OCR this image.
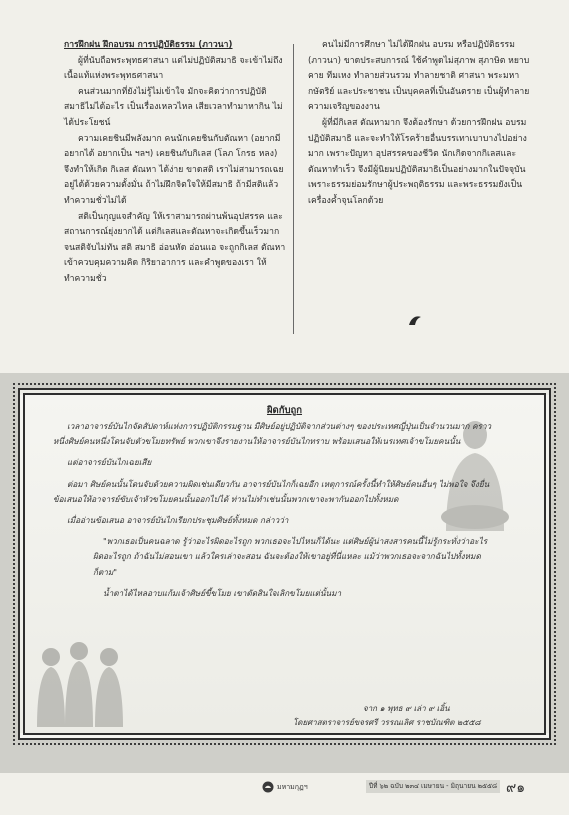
การฝึกฝน ฝึกอบรม การปฏิบัติธรรม (ภาวนา)

ผู้ที่นับถือพระพุทธศาสนา แต่ไม่ปฏิบัติสมาธิ จะเข้าไม่ถึงเนื้อแท้แห่งพระพุทธศาสนา

คนส่วนมากที่ยังไม่รู้ไม่เข้าใจ มักจะคิดว่าการปฏิบัติสมาธิไม่ได้อะไร เป็นเรื่องเหลวไหล เสียเวลาทำมาหากิน ไม่ได้ประโยชน์

ความเคยชินมีพลังมาก คนนักเคยชินกับตัณหา (อยากมี อยากได้ อยากเป็น ฯลฯ) เคยชินกับกิเลส (โลภ โกรธ หลง) จึงทำให้เกิด กิเลส ตัณหา ได้ง่าย ขาดสติ เราไม่สามารถเฉยอยู่ได้ด้วยความตั้งมั่น ถ้าไม่ฝึกจิตใจให้มีสมาธิ ถ้ามีสติแล้วทำความชั่วไม่ได้

สติเป็นกุญแจสำคัญ ให้เราสามารถผ่านพ้นอุปสรรค และสถานการณ์ยุ่งยากได้ แต่กิเลสและตัณหาจะเกิดขึ้นเร็วมาก จนสติจับไม่ทัน สติ สมาธิ อ่อนหัด อ่อนแอ จะถูกกิเลส ตัณหา เข้าควบคุมความคิด กิริยาอาการ และคำพูดของเรา ให้ทำความชั่ว

คนไม่มีการศึกษา ไม่ได้ฝึกฝน อบรม หรือปฏิบัติธรรม (ภาวนา) ขาดประสบการณ์ ใช้คำพูดไม่สุภาพ สุภาษิต หยาบคาย ทีมเหง ทำลายส่วนรวม ทำลายชาติ ศาสนา พระมหากษัตริย์ และประชาชน เป็นบุคคลที่เป็นอันตราย เป็นผู้ทำลายความเจริญของงาน

ผู้ที่มีกิเลส ตัณหามาก จึงต้องรักษา ด้วยการฝึกฝน อบรม ปฏิบัติสมาธิ และจะทำให้โรคร้ายอื่นบรรเทาเบาบางไปอย่างมาก เพราะปัญหา อุปสรรคของชีวิต นักเกิดจากกิเลสและตัณหาทำเร็ว จึงมีผู้นิยมปฏิบัติสมาธิเป็นอย่างมากในปัจจุบัน เพราะธรรมย่อมรักษาผู้ประพฤติธรรม และพระธรรมยังเป็นเครื่องค้ำจุนโลกด้วย

ผิดกับถูก

เวลาอาจารย์บันไกจัดสัปดาห์แห่งการปฏิบัติกรรมฐาน มีศิษย์อยู่ปฏิบัติจากส่วนต่างๆ ของประเทศญี่ปุ่นเป็นจำนวนมาก คราวหนึ่งศิษย์คนหนึ่งโดนจับตัวขโมยทรัพย์ พวกเขาจึงรายงานให้อาจารย์บันไกทราบ พร้อมเสนอให้เนรเทศเจ้าขโมยคนนั้น

แต่อาจารย์บันไกเฉยเสีย

ต่อมา ศิษย์คนนั้นโดนจับด้วยความผิดเช่นเดียวกัน อาจารย์บันไกก็เฉยอีก เหตุการณ์ครั้งนี้ทำให้ศิษย์คนอื่นๆ ไม่พอใจ จึงยื่นข้อเสนอให้อาจารย์ขับเจ้าหัวขโมยคนนั้นออกไปได้ ท่านไม่ทำเช่นนั้นพวกเขาจะพากันออกไปทั้งหมด

เมื่ออ่านข้อเสนอ อาจารย์บันไกเรียกประชุมศิษย์ทั้งหมด กล่าวว่า

"พวกเธอเป็นคนฉลาด รู้ว่าอะไรผิดอะไรถูก พวกเธอจะไปไหนก็ได้นะ แต่ศิษย์ผู้น่าสงสารคนนี้ไม่รู้กระทั่งว่าอะไรผิดอะไรถูก ถ้าฉันไม่สอนเขา แล้วใครเล่าจะสอน ฉันจะต้องให้เขาอยู่ที่นี่แหละ แม้ว่าพวกเธอจะจากฉันไปทั้งหมดก็ตาม"

น้ำตาได้ไหลอาบแก้มเจ้าศิษย์ขี้ขโมย เขาตัดสินใจเลิกขโมยแต่นั้นมา

จาก ๑ พุทธ ๙ เล่า ๙ เอิ้น

โดยศาสตราจารย์ขจรศรี วรรณเลิศ ราชบัณฑิต ๒๕๕๘

มหามกุฏฯ	ปีที่ ๖๒ ฉบับ ๒๓๔ เมษายน - มิถุนายน ๒๕๕๘ ๙๑
